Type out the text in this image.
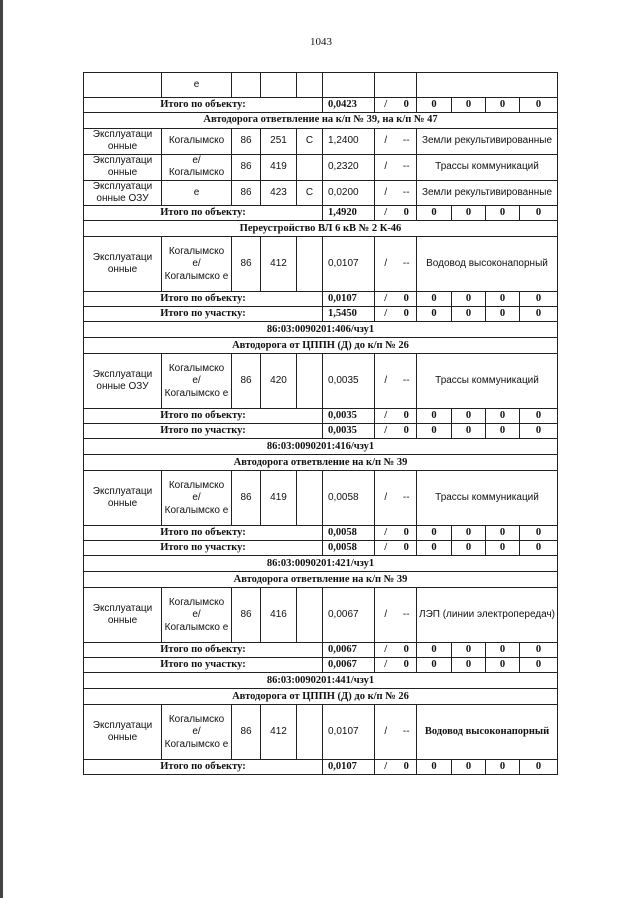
1043
	е										
Итого по объекту:					0,0423	/	0	0	0	0	0
Автодорога ответвление на к/п № 39, на к/п № 47											
Эксплуатаци онные	Когалымско	86	251	С	1,2400	/	--	Земли рекультивированные			
Эксплуатаци онные	е/ Когалымско	86	419		0,2320	/	--	Трассы коммуникаций			
Эксплуатаци онные ОЗУ	е	86	423	С	0,0200	/	--	Земли рекультивированные			
Итого по объекту:					1,4920	/	0	0	0	0	0
Переустройство ВЛ 6 кВ № 2 К-46											
Эксплуатаци онные	Когалымско е/ Когалымско е	86	412		0,0107	/	--	Водовод высоконапорный			
Итого по объекту:					0,0107	/	0	0	0	0	0
Итого по участку:					1,5450	/	0	0	0	0	0
86:03:0090201:406/чзу1											
Автодорога от ЦППН (Д) до к/п № 26											
Эксплуатаци онные ОЗУ	Когалымско е/ Когалымско е	86	420		0,0035	/	--	Трассы коммуникаций			
Итого по объекту:					0,0035	/	0	0	0	0	0
Итого по участку:					0,0035	/	0	0	0	0	0
86:03:0090201:416/чзу1											
Автодорога ответвление на к/п № 39											
Эксплуатаци онные	Когалымско е/ Когалымско е	86	419		0,0058	/	--	Трассы коммуникаций			
Итого по объекту:					0,0058	/	0	0	0	0	0
Итого по участку:					0,0058	/	0	0	0	0	0
86:03:0090201:421/чзу1											
Автодорога ответвление на к/п № 39											
Эксплуатаци онные	Когалымско е/ Когалымско е	86	416		0,0067	/	--	ЛЭП (линии электропередач)			
Итого по объекту:					0,0067	/	0	0	0	0	0
Итого по участку:					0,0067	/	0	0	0	0	0
86:03:0090201:441/чзу1											
Автодорога от ЦППН (Д) до к/п № 26											
Эксплуатаци онные	Когалымско е/ Когалымско е	86	412		0,0107	/	--	Водовод высоконапорный			
Итого по объекту:					0,0107	/	0	0	0	0	0
